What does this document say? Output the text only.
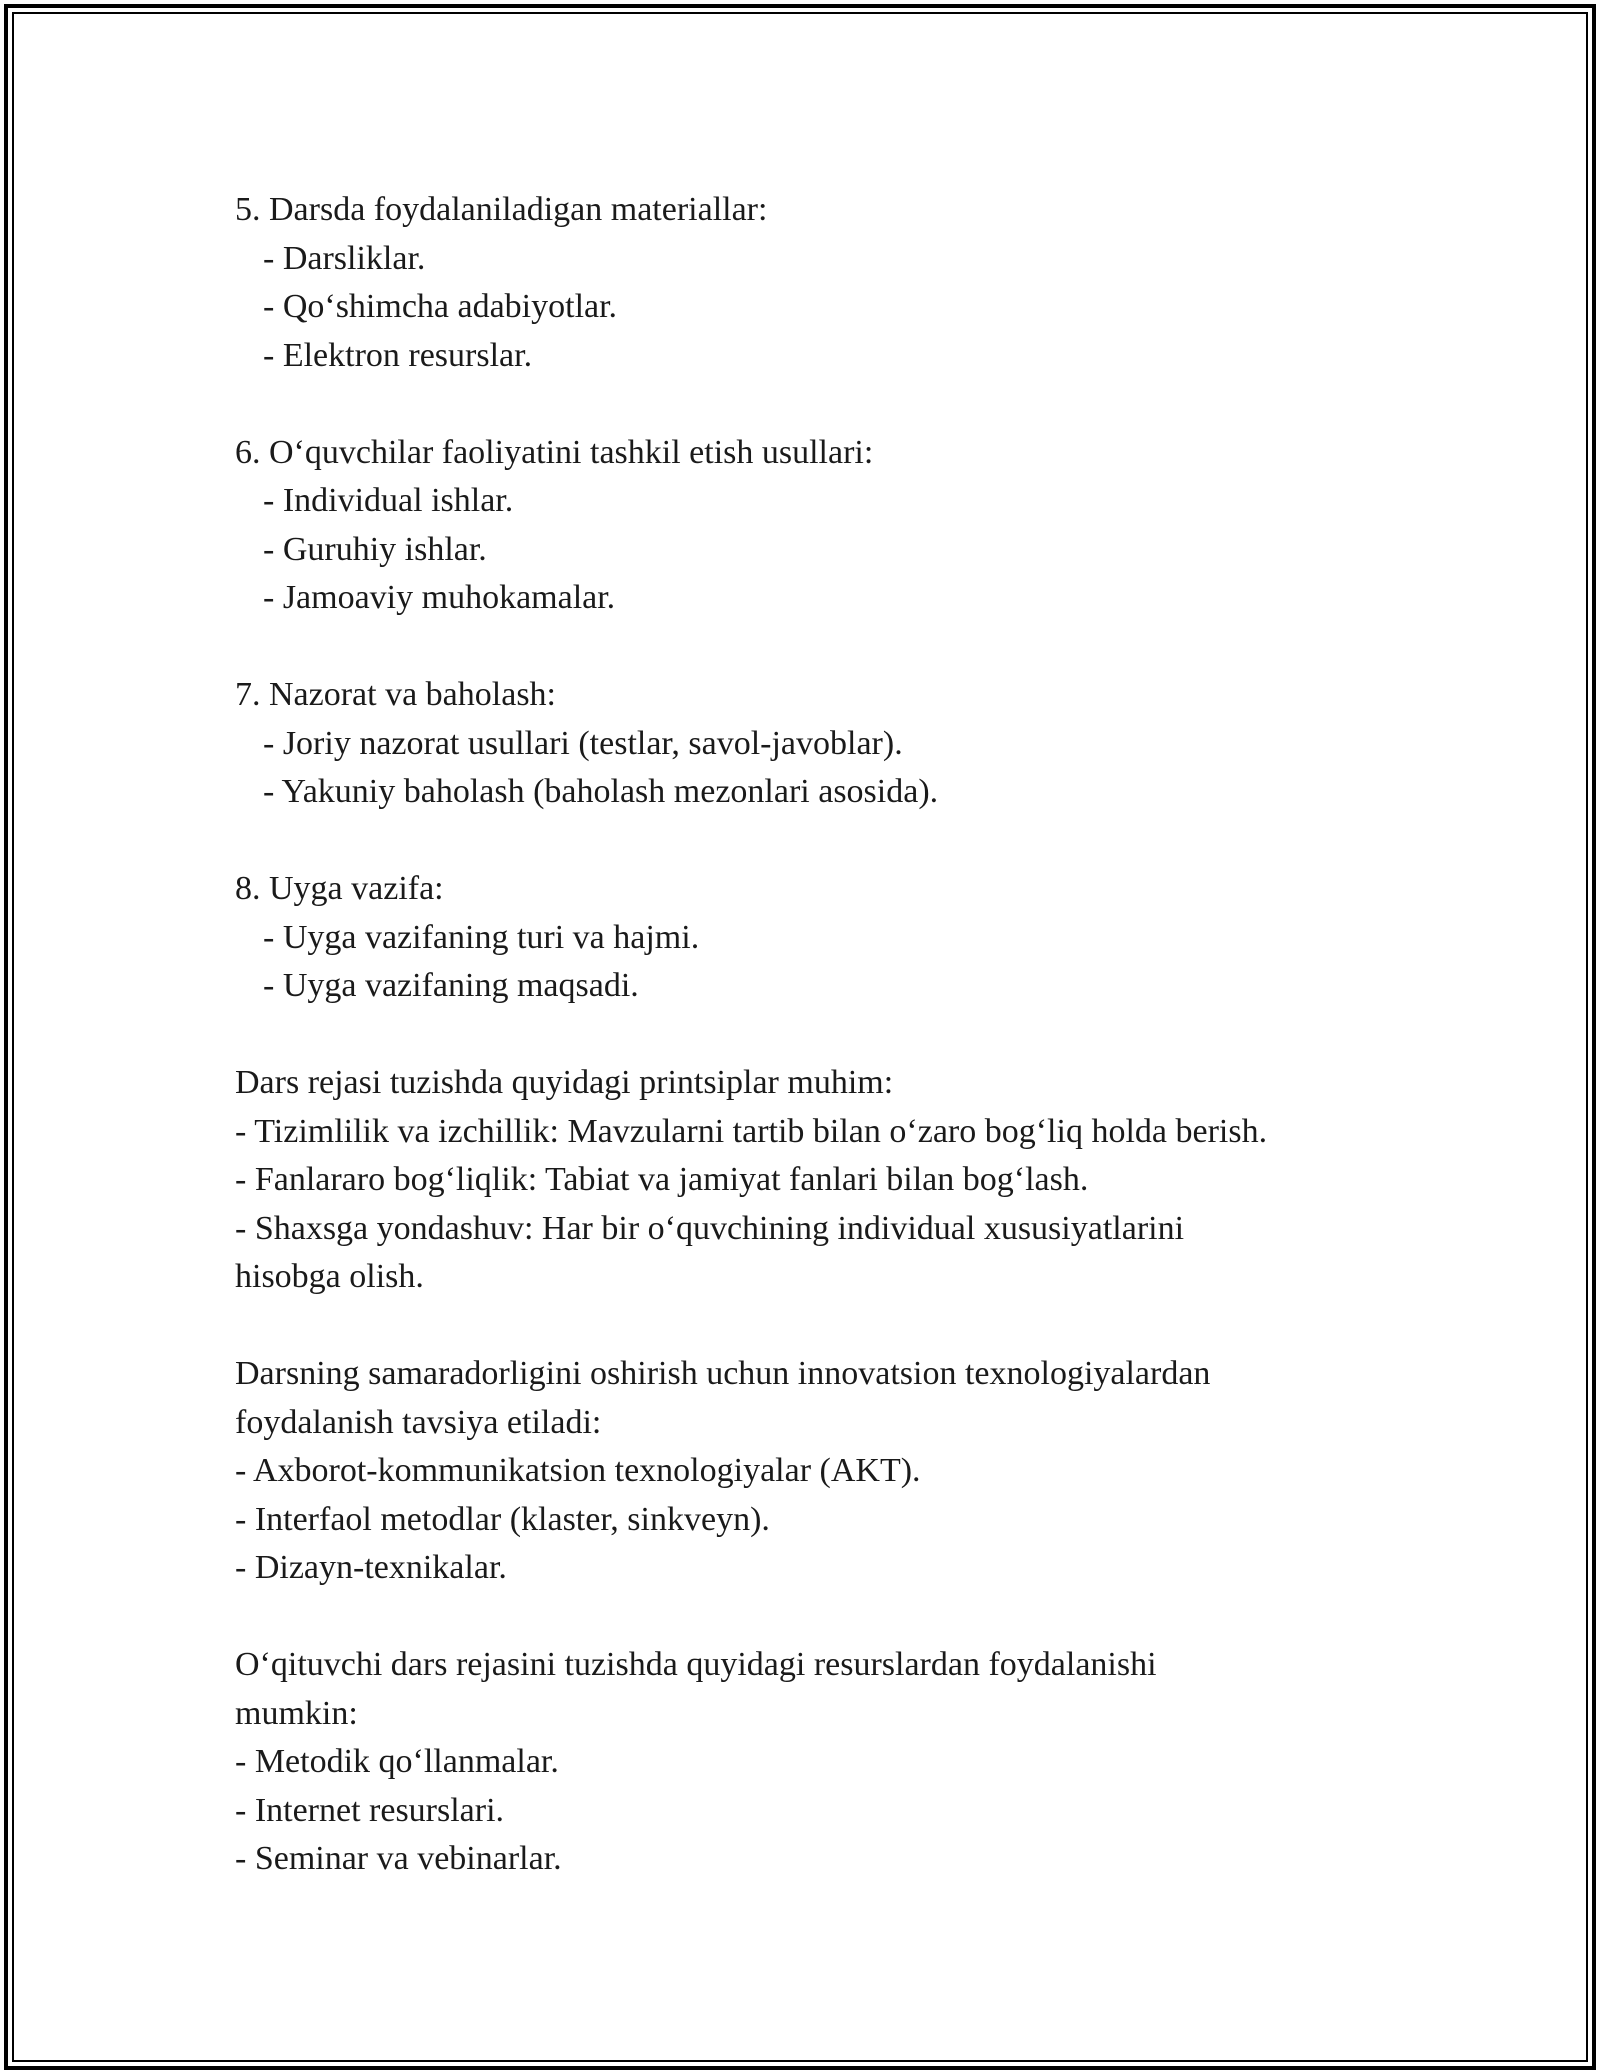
5. Darsda foydalaniladigan materiallar:

- Darsliklar.

- Qo‘shimcha adabiyotlar.

- Elektron resurslar.

6. O‘quvchilar faoliyatini tashkil etish usullari:

- Individual ishlar.

- Guruhiy ishlar.

- Jamoaviy muhokamalar.

7. Nazorat va baholash:

- Joriy nazorat usullari (testlar, savol-javoblar).

- Yakuniy baholash (baholash mezonlari asosida).

8. Uyga vazifa:

- Uyga vazifaning turi va hajmi.

- Uyga vazifaning maqsadi.

Dars rejasi tuzishda quyidagi printsiplar muhim:

- Tizimlilik va izchillik: Mavzularni tartib bilan o‘zaro bog‘liq holda berish.

- Fanlararo bog‘liqlik: Tabiat va jamiyat fanlari bilan bog‘lash.

- Shaxsga yondashuv: Har bir o‘quvchining individual xususiyatlarini

hisobga olish.

Darsning samaradorligini oshirish uchun innovatsion texnologiyalardan

foydalanish tavsiya etiladi:

- Axborot-kommunikatsion texnologiyalar (AKT).

- Interfaol metodlar (klaster, sinkveyn).

- Dizayn-texnikalar.

O‘qituvchi dars rejasini tuzishda quyidagi resurslardan foydalanishi

mumkin:

- Metodik qo‘llanmalar.

- Internet resurslari.

- Seminar va vebinarlar.
